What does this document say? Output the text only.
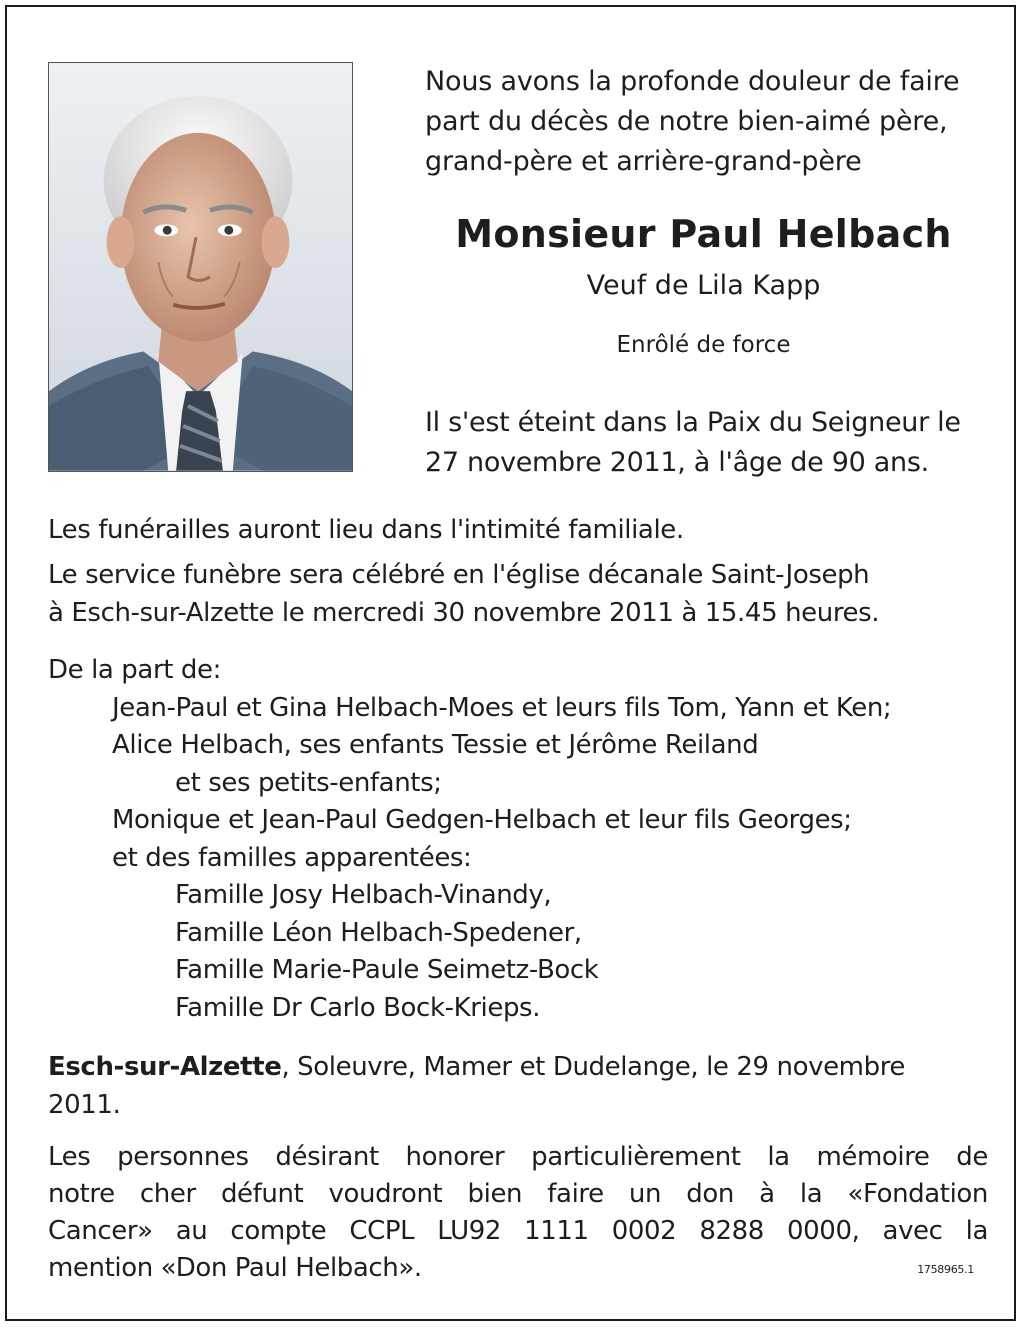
Nous avons la profonde douleur de faire
part du décès de notre bien-aimé père,
grand-père et arrière-grand-père
Monsieur Paul Helbach
Veuf de Lila Kapp
Enrôlé de force
Il s'est éteint dans la Paix du Seigneur le
27 novembre 2011, à l'âge de 90 ans.
Les funérailles auront lieu dans l'intimité familiale.
Le service funèbre sera célébré en l'église décanale Saint-Joseph
à Esch-sur-Alzette le mercredi 30 novembre 2011 à 15.45 heures.
De la part de:
Jean-Paul et Gina Helbach-Moes et leurs fils Tom, Yann et Ken;
Alice Helbach, ses enfants Tessie et Jérôme Reiland
et ses petits-enfants;
Monique et Jean-Paul Gedgen-Helbach et leur fils Georges;
et des familles apparentées:
Famille Josy Helbach-Vinandy,
Famille Léon Helbach-Spedener,
Famille Marie-Paule Seimetz-Bock
Famille Dr Carlo Bock-Krieps.
Esch-sur-Alzette, Soleuvre, Mamer et Dudelange, le 29 novembre
2011.
Les personnes désirant honorer particulièrement la mémoire de
notre cher défunt voudront bien faire un don à la «Fondation
Cancer» au compte CCPL LU92 1111 0002 8288 0000, avec la
mention «Don Paul Helbach».	1758965.1
